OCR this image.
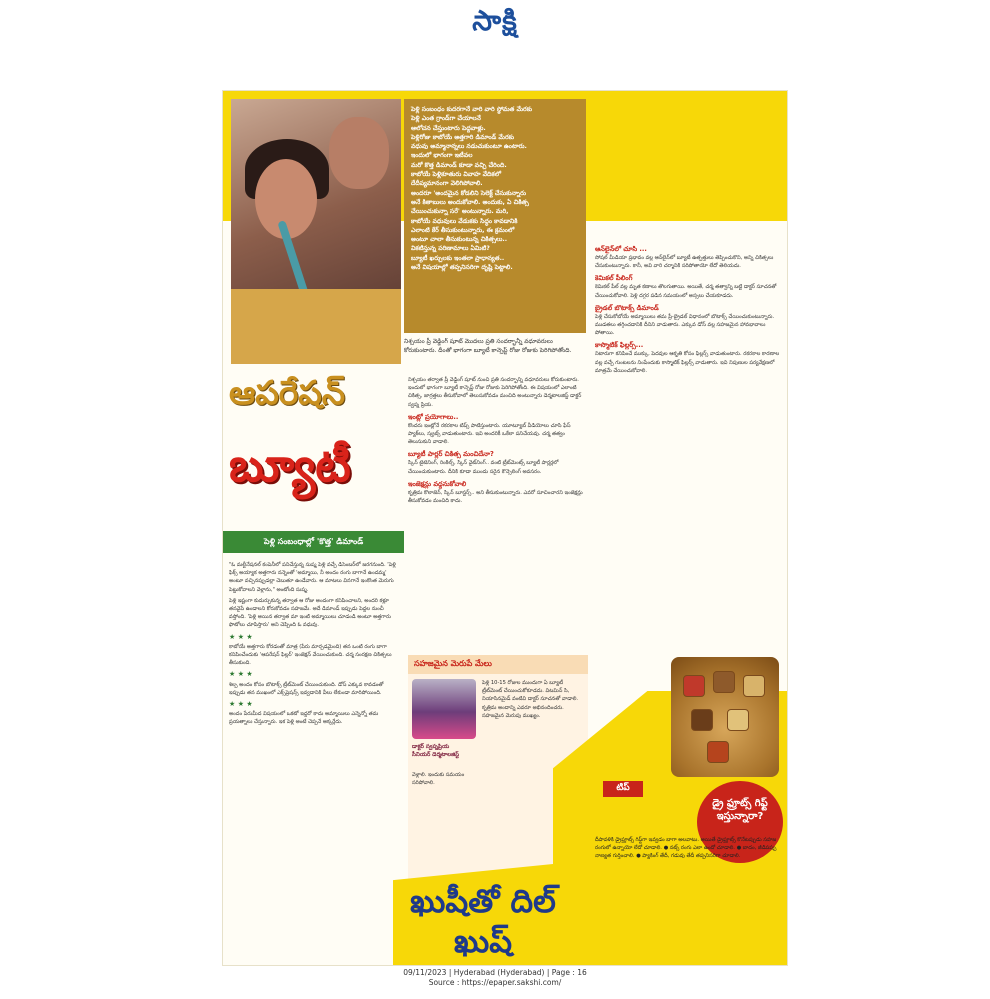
సాక్షి

పెళ్లి సంబంధం కుదరగానే వారి వారి స్థోమత మేరకు

పెళ్లి ఎంత గ్రాండ్‌గా చేయాలనే

ఆలోచన చేస్తుంటారు పెద్దవాళ్లు.

పెళ్లిరోజు కాబోయే అత్తగారి డిమాండ్ మేరకు

వధువు అమ్మానాన్నలు నడుచుకుంటూ ఉంటారు.

ఇందులో భాగంగా ఇటీవల

మరో కొత్త డిమాండ్ కూడా వచ్చి చేరింది.

కాబోయే పెళ్లికూతురు వివాహ వేదికలో

దేదీప్యమానంగా వెలిగిపోవాలి.

అందరూ 'అందమైన కోడలిని సెలెక్ట్ చేసుకున్నారు

అనే కితాబులు అందుకోవాలి. అందుకు, ఏ చికిత్స

చేయించుకున్నా సరే' అంటున్నారు. మరి,

కాబోయే వధువులు వేడుకకు సిద్ధం కావడానికి

ఎలాంటి కేర్ తీసుకుంటున్నారు, ఈ క్రమంలో

అంటూ చాలా తీసుకుంటున్న చికిత్సలు..

వికటిస్తున్న పరిణామాలు ఏమిటి?

బ్యూటీ ఖర్చులకు ఇంతలా ప్రాధాన్యత..

అనే విషయాల్లో తప్పనిసరిగా దృష్టి పెట్టాలి.

నిశ్చయం ప్రీ వెడ్డింగ్ షూట్ మొదలు ప్రతి సందర్భాన్నీ వధూవరులు కోరుకుంటారు. దీంతో భాగంగా బ్యూటీ కాన్సెప్ట్ రోజు రోజుకు పెరిగిపోతోంది.
ఆపరేషన్
బ్యూటీ
పెళ్లి సంబంధాల్లో 'కొత్త' డిమాండ్

"ఓ మల్టీనేషనల్ కంపెనీలో పనిచేస్తున్న సుష్మ పెళ్లి వచ్చే డిసెంబర్‌లో జరగనుంది. 'పెళ్లి ఫిక్స్ అయ్యాక అత్తగారు నన్నెంతో 'అమ్మాయి, నీ అందం రంగు బాగానే ఉందమ్మ' అంటూ వచ్చినప్పుడల్లా చెబుతూ ఉండేవారు. ఆ మాటలు వినగానే ఇంకొంత మెరుగు పెట్టుకోవాలని వెళ్లాను," అంటోంది సుష్మ.

పెళ్లి ఇష్టంగా కుదుర్చుకున్న తర్వాత ఆ రోజు అందంగా కనిపించాలని, అందరి కళ్లూ తనవైపే ఉండాలని కోరుకోవడం సహజమే. అదే డిమాండ్ ఇప్పుడు పెద్దల నుంచీ వస్తోంది. 'పెళ్లి అయిన తర్వాత మా ఇంటి అమ్మాయిలు చూడండి అంటూ అత్తగారు ఫొటోలు చూపిస్తారు' అని చెప్పింది ఓ వధువు.

★ ★ ★

కాబోయే అత్తగారు కోరడంతో మాత్ర (పేరు మార్చడమైంది) తన ఒంటి రంగు బాగా కనిపించేందుకు 'ఆపరేషన్ ఫిల్లర్' ఇంజెక్షన్ వేయించుకుంది. చర్మ సంరక్షణ చికిత్సలు తీసుకుంది.

★ ★ ★

శిల్ప అందం కోసం బొటాక్స్ ట్రీట్‌మెంట్ చేయించుకుంది. డోస్ ఎక్కువ కావడంతో ఇప్పుడు తన ముఖంలో ఎక్స్‌ప్రెషన్స్ ఇవ్వడానికి వీలు లేకుండా మారిపోయింది.

★ ★ ★

అందం పేరుమీద విషయంలో ఒకటో ఇద్దరో కాదు అమ్మాయిలు ఎన్నెన్నో తమ ప్రయత్నాలు చేస్తున్నారు. ఇక పెళ్లి అంటే చెప్పనే అక్కర్లేదు.

నిశ్చయం తర్వాత ప్రీ వెడ్డింగ్ షూట్ నుంచి ప్రతి సందర్భాన్ని వధూవరులు కోరుకుంటారు. ఇందులో భాగంగా బ్యూటీ కాన్సెప్ట్ రోజు రోజుకు పెరిగిపోతోంది. ఈ విషయంలో ఎలాంటి చికిత్స, జాగ్రత్తలు తీసుకోవాలో తెలుసుకోవడం మంచిది అంటున్నారు డెర్మటాలజిస్ట్ డాక్టర్ స్వప్న ప్రియ.

ఇంట్లో ప్రయోగాలు..

కొందరు ఇంట్లోనే రకరకాల టిప్స్ పాటిస్తుంటారు. యూట్యూబ్ వీడియోలు చూసి ఫేస్ ప్యాక్‌లు, స్క్రబ్స్ వాడుతుంటారు. ఇవి అందరికీ ఒకేలా పనిచేయవు. చర్మ తత్వం తెలుసుకుని వాడాలి.

బ్యూటీ పార్లర్ చికిత్స మంచిదేనా?

స్కిన్ టైటెనింగ్, రింకిల్స్, స్కిన్ వైట్‌నింగ్.. వంటి ట్రీట్‌మెంట్స్ బ్యూటీ పార్లర్లలో చేయించుకుంటారు. దీనికి కూడా ముందు సరైన కౌన్సెలింగ్ అవసరం.

ఇంజెక్షన్లు వద్దనుకోవాలి

కృత్రిమ కొలాజెన్, స్కిన్ బూస్టర్స్.. అని తీసుకుంటున్నారు. ఎవరో సూచించారని ఇంజెక్షన్లు తీసుకోవడం మంచిది కాదు.

సహజమైన మెరుపే మేలు
పెళ్లి 10-15 రోజుల ముందుగా ఏ బ్యూటీ ట్రీట్‌మెంట్ చేయించుకోకూడదు. విటమిన్ సి, నియాసినమైడ్ వంటివి డాక్టర్ సూచనతో వాడాలి. కృత్రిమ అందాన్ని ఎవరూ అభినందించరు. సహజమైన మెరుపు ముఖ్యం.
డాక్టర్ స్వప్నప్రియ
సీనియర్ డెర్మటాలజిస్ట్
వెళ్లాలి. ఇందుకు సమయం సరిపోవాలి.
ఆన్‌లైన్‌లో చూసి ...

సోషల్ మీడియా ప్రభావం వల్ల ఆన్‌లైన్‌లో బ్యూటీ ఉత్పత్తులు తెప్పించుకొని, అన్ని చికిత్సలు చేసుకుంటున్నారు. కానీ, అవి వారి చర్మానికి సరిపోతాయో లేదో తెలియదు.

కెమికల్ పీలింగ్

కెమికల్ పీల్ వల్ల మృత కణాలు తొలగుతాయి. అయితే, చర్మ తత్వాన్ని బట్టి డాక్టర్ సూచనతో చేయించుకోవాలి. పెళ్లి దగ్గర పడిన సమయంలో అస్సలు చేయకూడదు.

బ్రైడల్ బొటాక్స్ డిమాండ్

పెళ్లి చేసుకోబోయే అమ్మాయిలు తమ ప్రీ-బ్రైడల్ విధానంలో బొటాక్స్ చేయించుకుంటున్నారు. ముడతలు తగ్గించడానికి దీనిని వాడుతారు. ఎక్కువ డోస్ వల్ల సహజమైన హావభావాలు పోతాయి.

కాస్మొటిక్ ఫిల్లర్స్...

నిటారుగా కనిపించే ముక్కు, పెదవుల ఆకృతి కోసం ఫిల్లర్స్ వాడుతుంటారు. రకరకాల కారణాల వల్ల వచ్చే గుంటలను నింపేందుకు కాస్మొటిక్ ఫిల్లర్స్ వాడుతారు. ఇవి నిపుణుల పర్యవేక్షణలో మాత్రమే చేయించుకోవాలి.

టిప్
డ్రై ఫ్రూట్స్ గిఫ్ట్ ఇస్తున్నారా?
దీపావళికి డ్రైఫ్రూట్స్ గిఫ్ట్‌గా ఇవ్వడం బాగా అలవాటు. అయితే డ్రైఫ్రూట్స్ కొనేటప్పుడు సహజ రంగులో ఉన్నాయో లేదో చూడాలి. ● నట్స్ రంగు ఎలా ఉందో చూడాలి. ● బాదం, జీడిపప్పు నాణ్యత గుర్తించాలి. ● ప్యాకింగ్ తేదీ, గడువు తేదీ తప్పనిసరిగా చూడాలి.
ఖుషీతో దిల్ ఖుష్
09/11/2023 | Hyderabad (Hyderabad) | Page : 16
Source : https://epaper.sakshi.com/
